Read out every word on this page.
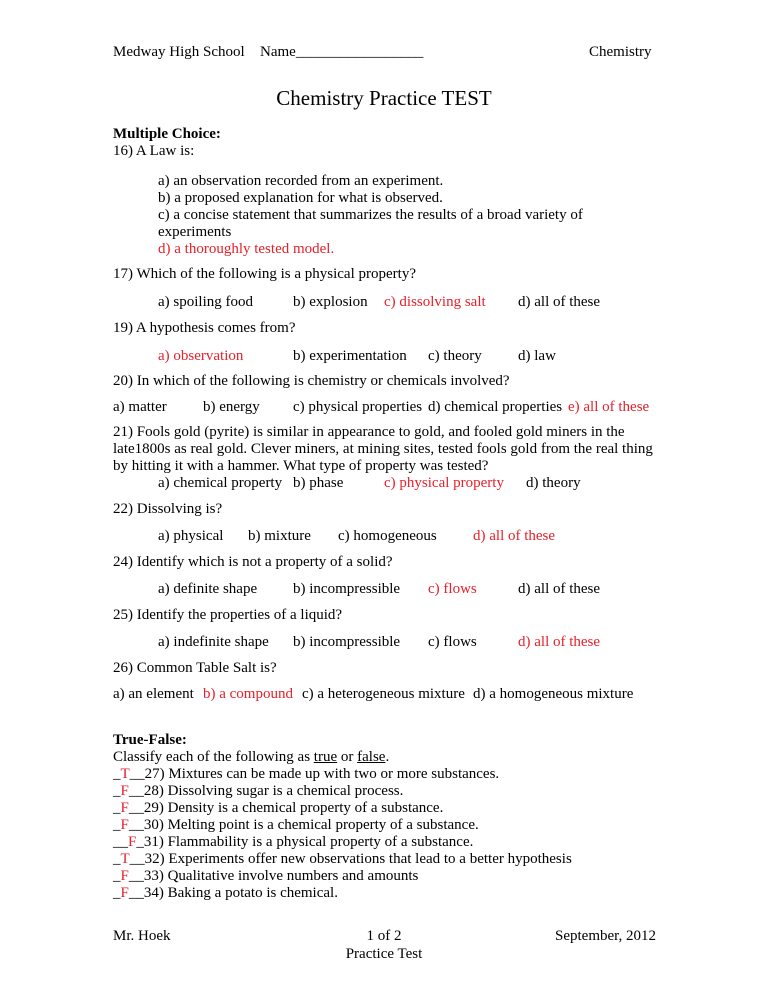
Medway High School Name_________________	Chemistry
Chemistry Practice TEST
Multiple Choice:
16) A Law is:
a) an observation recorded from an experiment.
b) a proposed explanation for what is observed.
c) a concise statement that summarizes the results of a broad variety of
experiments
d) a thoroughly tested model.
17) Which of the following is a physical property?
a) spoiling food	b) explosion c) dissolving salt d) all of these
19) A hypothesis comes from?
a) observation	b) experimentation c) theory d) law
20) In which of the following is chemistry or chemicals involved?
a) matter b) energy c) physical properties d) chemical properties e) all of these
21) Fools gold (pyrite) is similar in appearance to gold, and fooled gold miners in the
late1800s as real gold. Clever miners, at mining sites, tested fools gold from the real thing
by hitting it with a hammer. What type of property was tested?
a) chemical property b) phase	c) physical property d) theory
22) Dissolving is?
a) physical b) mixture c) homogeneous d) all of these
24) Identify which is not a property of a solid?
a) definite shape b) incompressible c) flows	d) all of these
25) Identify the properties of a liquid?
a) indefinite shape b) incompressible c) flows	d) all of these
26) Common Table Salt is?
a) an element b) a compound c) a heterogeneous mixture d) a homogeneous mixture
True-False:
Classify each of the following as true or false.
_T__27) Mixtures can be made up with two or more substances.
_F__28) Dissolving sugar is a chemical process.
_F__29) Density is a chemical property of a substance.
_F__30) Melting point is a chemical property of a substance.
__F_31) Flammability is a physical property of a substance.
_T__32) Experiments offer new observations that lead to a better hypothesis
_F__33) Qualitative involve numbers and amounts
_F__34) Baking a potato is chemical.
Mr. Hoek	1 of 2
Practice Test
September, 2012
